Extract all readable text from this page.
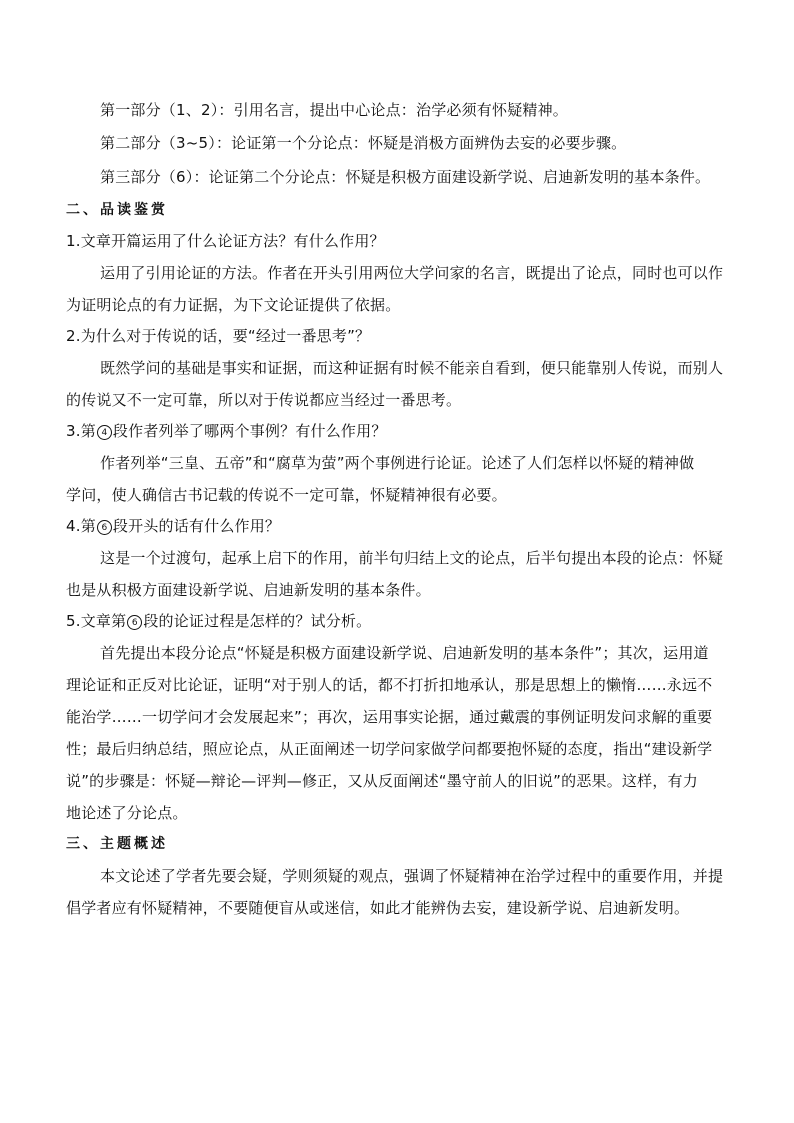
第一部分（1、2）：引用名言，提出中心论点：治学必须有怀疑精神。
第二部分（3~5）：论证第一个分论点：怀疑是消极方面辨伪去妄的必要步骤。
第三部分（6）：论证第二个分论点：怀疑是积极方面建设新学说、启迪新发明的基本条件。
二、品读鉴赏
1.文章开篇运用了什么论证方法？有什么作用？
运用了引用论证的方法。作者在开头引用两位大学问家的名言，既提出了论点，同时也可以作
为证明论点的有力证据，为下文论证提供了依据。
2.为什么对于传说的话，要“经过一番思考”？
既然学问的基础是事实和证据，而这种证据有时候不能亲自看到，便只能靠别人传说，而别人
的传说又不一定可靠，所以对于传说都应当经过一番思考。
3.第 4 段作者列举了哪两个事例？有什么作用？
作者列举“三皇、五帝”和“腐草为萤”两个事例进行论证。论述了人们怎样以怀疑的精神做
学问，使人确信古书记载的传说不一定可靠，怀疑精神很有必要。
4.第 6 段开头的话有什么作用？
这是一个过渡句，起承上启下的作用，前半句归结上文的论点，后半句提出本段的论点：怀疑
也是从积极方面建设新学说、启迪新发明的基本条件。
5.文章第 6 段的论证过程是怎样的？试分析。
首先提出本段分论点“怀疑是积极方面建设新学说、启迪新发明的基本条件”；其次，运用道
理论证和正反对比论证，证明“对于别人的话，都不打折扣地承认，那是思想上的懒惰……永远不
能治学……一切学问才会发展起来”；再次，运用事实论据，通过戴震的事例证明发问求解的重要
性；最后归纳总结，照应论点，从正面阐述一切学问家做学问都要抱怀疑的态度，指出“建设新学
说”的步骤是：怀疑—辩论—评判—修正，又从反面阐述“墨守前人的旧说”的恶果。这样，有力
地论述了分论点。
三、主题概述
本文论述了学者先要会疑，学则须疑的观点，强调了怀疑精神在治学过程中的重要作用，并提
倡学者应有怀疑精神，不要随便盲从或迷信，如此才能辨伪去妄，建设新学说、启迪新发明。
